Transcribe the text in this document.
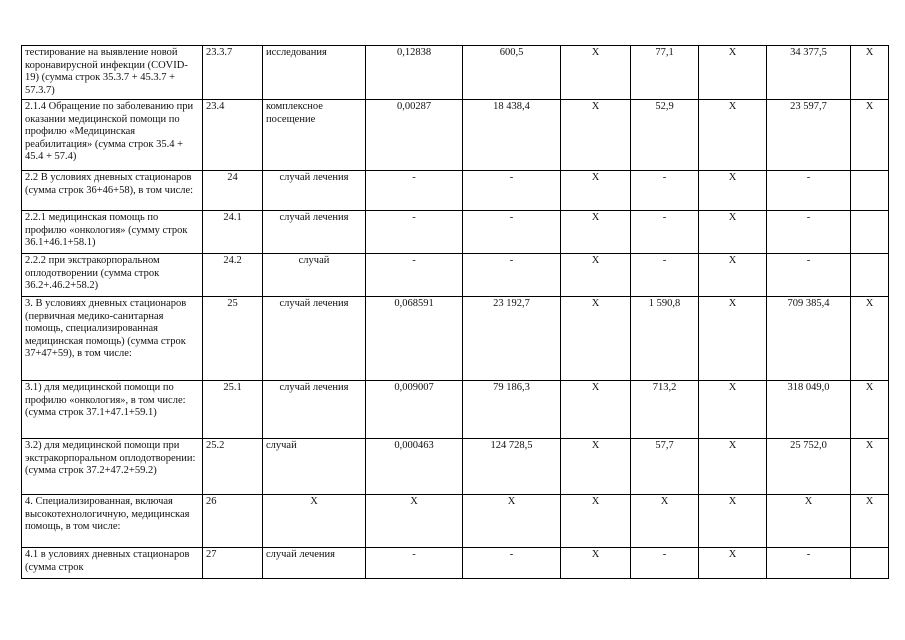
тестирование на выявление новой коронавирусной инфекции (COVID-19) (сумма строк 35.3.7 + 45.3.7 + 57.3.7)	23.3.7	исследования	0,12838	600,5	X	77,1	X	34 377,5	X
2.1.4 Обращение по заболеванию при оказании медицинской помощи по профилю «Медицинская реабилитация» (сумма строк 35.4 + 45.4 + 57.4)	23.4	комплексное посещение	0,00287	18 438,4	X	52,9	X	23 597,7	X
2.2 В условиях дневных стационаров (сумма строк 36+46+58), в том числе:	24	случай лечения	-	-	X	-	X	-	
2.2.1 медицинская помощь по профилю «онкология» (сумму строк 36.1+46.1+58.1)	24.1	случай лечения	-	-	X	-	X	-	
2.2.2 при экстракорпоральном оплодотворении (сумма строк 36.2+.46.2+58.2)	24.2	случай	-	-	X	-	X	-	
3. В условиях дневных стационаров (первичная медико-санитарная помощь, специализированная медицинская помощь) (сумма строк 37+47+59), в том числе:	25	случай лечения	0,068591	23 192,7	X	1 590,8	X	709 385,4	X
3.1) для медицинской помощи по профилю «онкология», в том числе: (сумма строк 37.1+47.1+59.1)	25.1	случай лечения	0,009007	79 186,3	X	713,2	X	318 049,0	X
3.2) для медицинской помощи при экстракорпоральном оплодотворении: (сумма строк 37.2+47.2+59.2)	25.2	случай	0,000463	124 728,5	X	57,7	X	25 752,0	X
4. Специализированная, включая высокотехнологичную, медицинская помощь, в том числе:	26	X	X	X	X	X	X	X	X
4.1 в условиях дневных стационаров (сумма строк	27	случай лечения	-	-	X	-	X	-	
